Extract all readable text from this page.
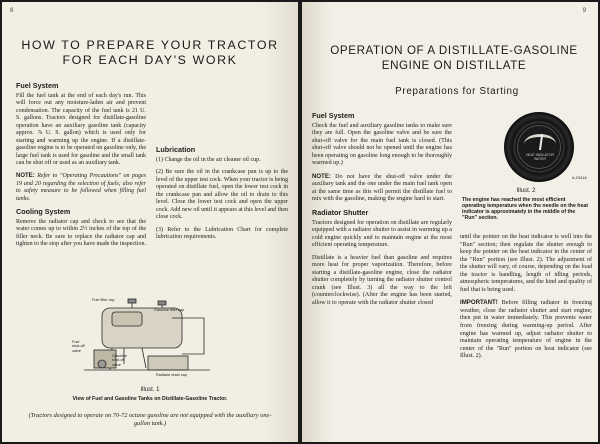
8
HOW TO PREPARE YOUR TRACTOR FOR EACH DAY'S WORK
Fuel System

Fill the fuel tank at the end of each day's run. This will force out any moisture-laden air and prevent condensation. The capacity of the fuel tank is 21 U. S. gallons. Tractors designed for distillate-gasoline operation have an auxiliary gasoline tank (capacity approx. ⅞ U. S. gallon) which is used only for starting and warming up the engine. If a distillate-gasoline engine is to be operated on gasoline only, the large fuel tank is used for gasoline and the small tank can be shut off or used as an auxiliary tank.

NOTE: Refer to "Operating Precautions" on pages 19 and 20 regarding the selection of fuels; also refer to safety measure to be followed when filling fuel tanks.

Cooling System

Remove the radiator cap and check to see that the water comes up to within 2½ inches of the top of the filler neck. Be sure to replace the radiator cap and tighten to the stop after you have made the inspection.

Lubrication

(1) Change the oil in the air cleaner oil cup.

(2) Be sure the oil in the crankcase pan is up to the level of the upper test cock. When your tractor is being operated on distillate fuel, open the lower test cock in the crankcase pan and allow the oil to drain to this level. Close the lower test cock and open the upper cock. Add new oil until it appears at this level and then close cock.

(3) Refer to the Lubrication Chart for complete lubrication requirements.

Fuel filler cap
Gasoline filler cap
Fuel
shut-off
valve
Gasoline
shut-off
valve
Radiator drain cap
Illust. 1
View of Fuel and Gasoline Tanks on Distillate-Gasoline Tractor.
(Tractors designed to operate on 70-72 octane gasoline are not equipped with the auxiliary one-gallon tank.)
9
OPERATION OF A DISTILLATE-GASOLINE ENGINE ON DISTILLATE
Preparations for Starting
Fuel System

Check the fuel and auxiliary gasoline tanks to make sure they are full. Open the gasoline valve and be sure the shut-off valve for the main fuel tank is closed. (This shut-off valve should not be opened until the engine has been operating on gasoline long enough to be thoroughly warmed up.)

NOTE: Do not have the shut-off valve under the auxiliary tank and the one under the main fuel tank open at the same time as this will permit the distillate fuel to mix with the gasoline, making the engine hard to start.

Radiator Shutter

Tractors designed for operation on distillate are regularly equipped with a radiator shutter to assist in warming up a cold engine quickly and to maintain engine at the most efficient operating temperature.

Distillate is a heavier fuel than gasoline and requires more heat for proper vaporization. Therefore, before starting a distillate-gasoline engine, close the radiator shutter completely by turning the radiator shutter control crank (see Illust. 3) all the way to the left (counterclockwise). (After the engine has been started, allow it to operate with the radiator shutter closed

HEAT INDICATOR
WATER
A-2341A
Illust. 2
The engine has reached the most efficient operating temperature when the needle on the heat indicator is approximately in the middle of the "Run" section.

until the pointer on the heat indicator is well into the "Run" section; then regulate the shutter enough to keep the pointer on the heat indicator in the center of the "Run" portion (see Illust. 2). The adjustment of the shutter will vary, of course, depending on the load the tractor is handling, length of idling periods, atmospheric temperatures, and the kind and quality of fuel that is being used.

IMPORTANT! Before filling radiator in freezing weather, close the radiator shutter and start engine; then put in water immediately. This prevents water from freezing during warming-up period. After engine has warmed up, adjust radiator shutter to maintain operating temperature of engine in the center of the "Run" portion on heat indicator (see Illust. 2).
